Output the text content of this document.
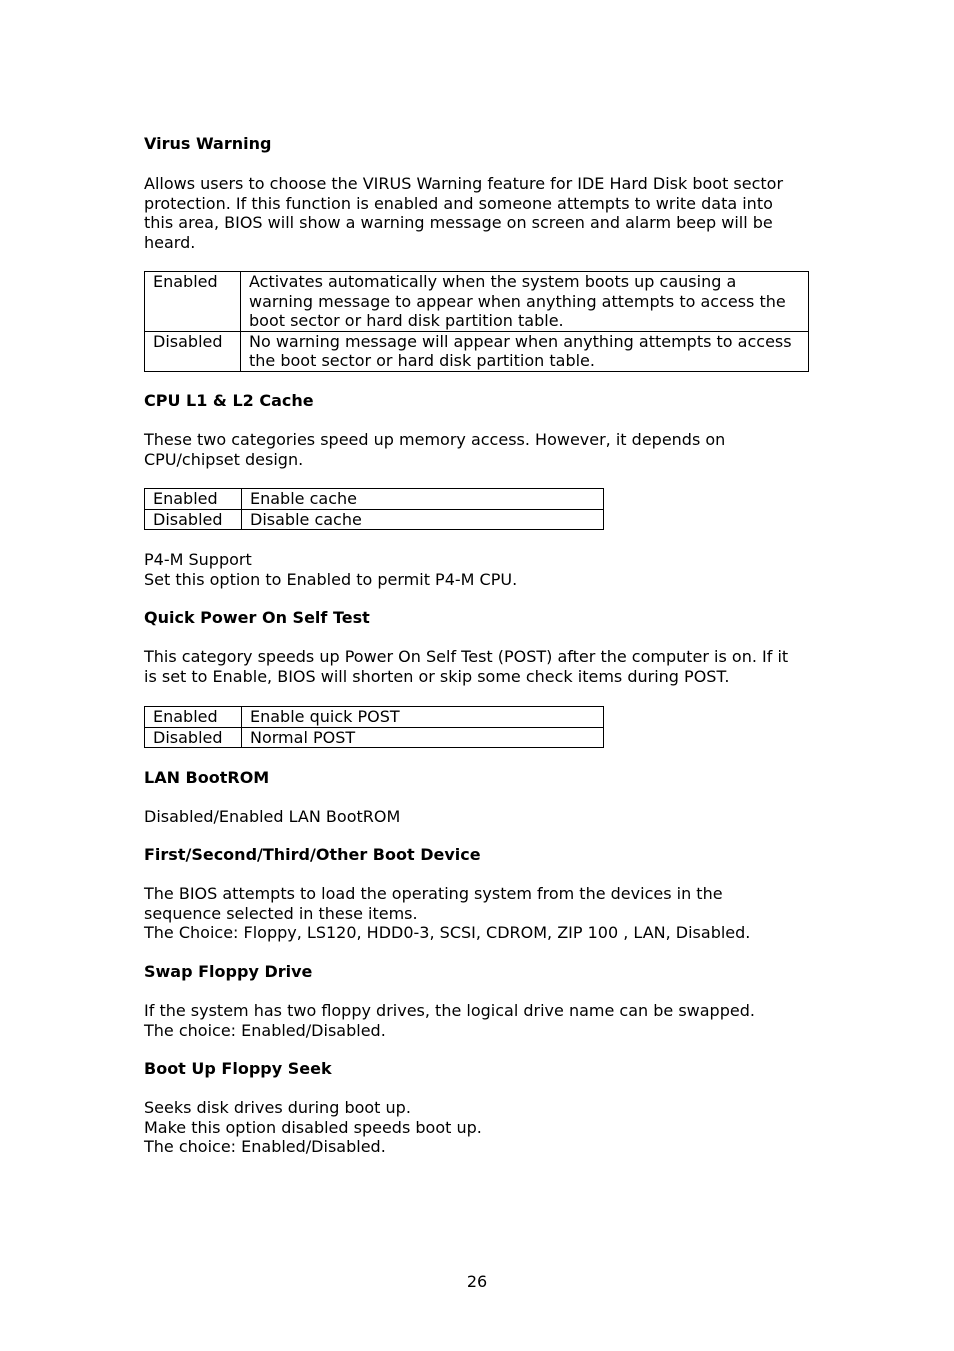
Virus Warning
Allows users to choose the VIRUS Warning feature for IDE Hard Disk boot sector
protection. If this function is enabled and someone attempts to write data into
this area, BIOS will show a warning message on screen and alarm beep will be
heard.
Enabled	Activates automatically when the system boots up causing a
warning message to appear when anything attempts to access the
boot sector or hard disk partition table.

Disabled	No warning message will appear when anything attempts to access
the boot sector or hard disk partition table.
CPU L1 & L2 Cache
These two categories speed up memory access. However, it depends on
CPU/chipset design.
Enabled	Enable cache
Disabled	Disable cache
P4-M Support
Set this option to Enabled to permit P4-M CPU.
Quick Power On Self Test
This category speeds up Power On Self Test (POST) after the computer is on. If it
is set to Enable, BIOS will shorten or skip some check items during POST.
Enabled	Enable quick POST
Disabled	Normal POST
LAN BootROM
Disabled/Enabled LAN BootROM
First/Second/Third/Other Boot Device
The BIOS attempts to load the operating system from the devices in the
sequence selected in these items.
The Choice: Floppy, LS120, HDD0-3, SCSI, CDROM, ZIP 100 , LAN, Disabled.
Swap Floppy Drive
If the system has two floppy drives, the logical drive name can be swapped.
The choice: Enabled/Disabled.
Boot Up Floppy Seek
Seeks disk drives during boot up.
Make this option disabled speeds boot up.
The choice: Enabled/Disabled.
26
